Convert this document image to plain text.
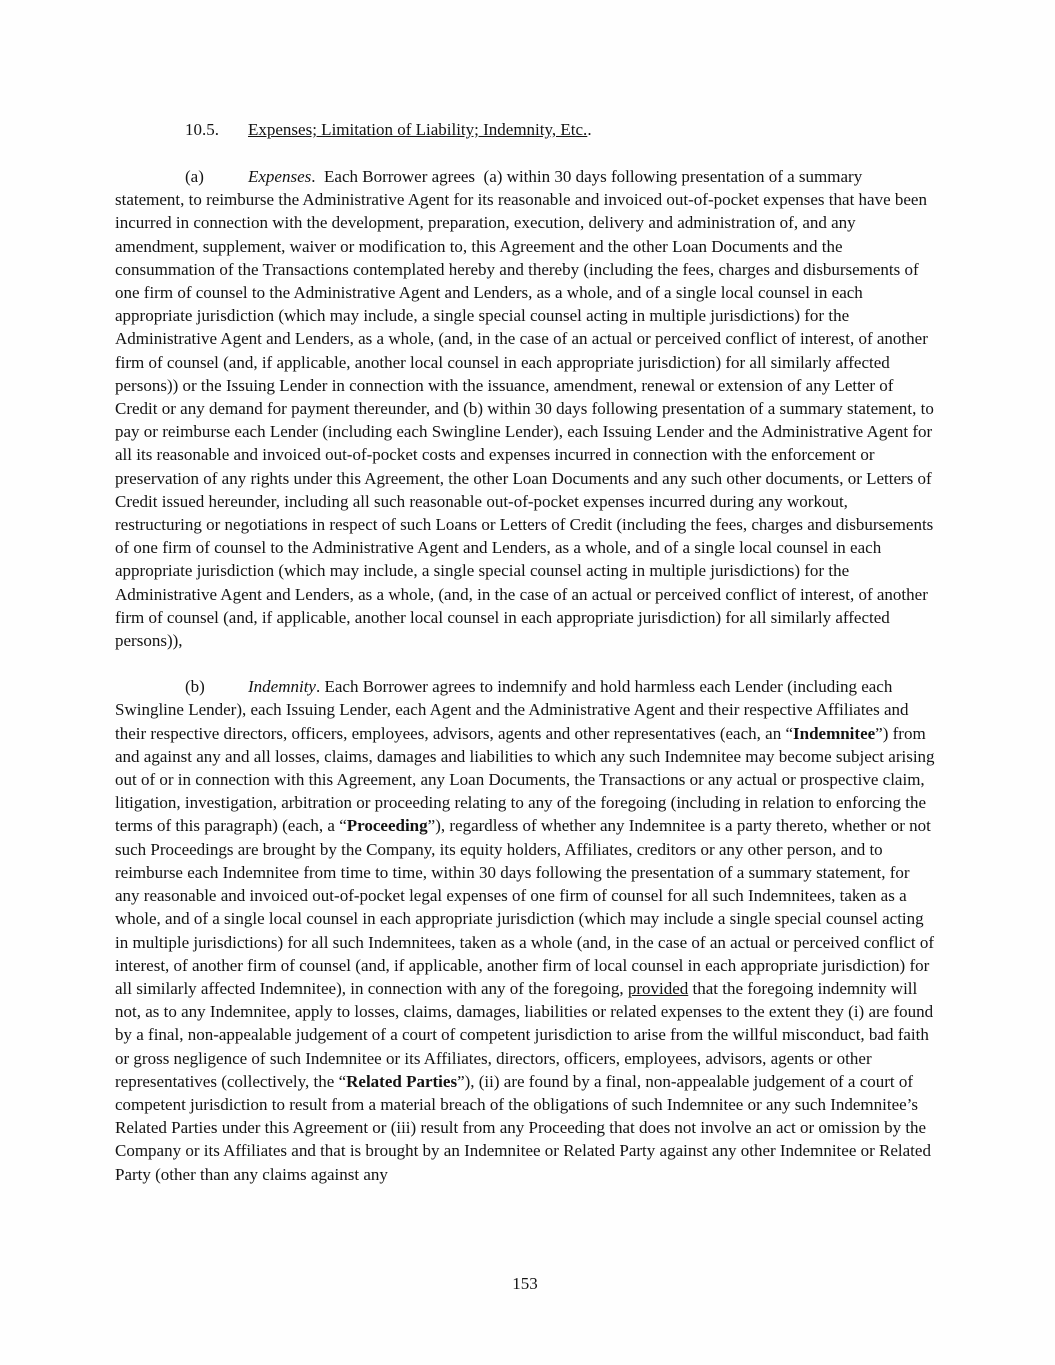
10.5. Expenses; Limitation of Liability; Indemnity, Etc..

(a)	Expenses.  Each Borrower agrees  (a) within 30 days following presentation of a summary statement, to reimburse the Administrative Agent for its reasonable and invoiced out-of-pocket expenses that have been incurred in connection with the development, preparation, execution, delivery and administration of, and any amendment, supplement, waiver or modification to, this Agreement and the other Loan Documents and the consummation of the Transactions contemplated hereby and thereby (including the fees, charges and disbursements of one firm of counsel to the Administrative Agent and Lenders, as a whole, and of a single local counsel in each appropriate jurisdiction (which may include, a single special counsel acting in multiple jurisdictions) for the Administrative Agent and Lenders, as a whole, (and, in the case of an actual or perceived conflict of interest, of another firm of counsel (and, if applicable, another local counsel in each appropriate jurisdiction) for all similarly affected persons)) or the Issuing Lender in connection with the issuance, amendment, renewal or extension of any Letter of Credit or any demand for payment thereunder, and (b) within 30 days following presentation of a summary statement, to pay or reimburse each Lender (including each Swingline Lender), each Issuing Lender and the Administrative Agent for all its reasonable and invoiced out-of-pocket costs and expenses incurred in connection with the enforcement or preservation of any rights under this Agreement, the other Loan Documents and any such other documents, or Letters of Credit issued hereunder, including all such reasonable out-of-pocket expenses incurred during any workout, restructuring or negotiations in respect of such Loans or Letters of Credit (including the fees, charges and disbursements of one firm of counsel to the Administrative Agent and Lenders, as a whole, and of a single local counsel in each appropriate jurisdiction (which may include, a single special counsel acting in multiple jurisdictions) for the Administrative Agent and Lenders, as a whole, (and, in the case of an actual or perceived conflict of interest, of another firm of counsel (and, if applicable, another local counsel in each appropriate jurisdiction) for all similarly affected persons)),

(b)	Indemnity. Each Borrower agrees to indemnify and hold harmless each Lender (including each Swingline Lender), each Issuing Lender, each Agent and the Administrative Agent and their respective Affiliates and their respective directors, officers, employees, advisors, agents and other representatives (each, an “Indemnitee”) from and against any and all losses, claims, damages and liabilities to which any such Indemnitee may become subject arising out of or in connection with this Agreement, any Loan Documents, the Transactions or any actual or prospective claim, litigation, investigation, arbitration or proceeding relating to any of the foregoing (including in relation to enforcing the terms of this paragraph) (each, a “Proceeding”), regardless of whether any Indemnitee is a party thereto, whether or not such Proceedings are brought by the Company, its equity holders, Affiliates, creditors or any other person, and to reimburse each Indemnitee from time to time, within 30 days following the presentation of a summary statement, for any reasonable and invoiced out-of-pocket legal expenses of one firm of counsel for all such Indemnitees, taken as a whole, and of a single local counsel in each appropriate jurisdiction (which may include a single special counsel acting in multiple jurisdictions) for all such Indemnitees, taken as a whole (and, in the case of an actual or perceived conflict of interest, of another firm of counsel (and, if applicable, another firm of local counsel in each appropriate jurisdiction) for all similarly affected Indemnitee), in connection with any of the foregoing, provided that the foregoing indemnity will not, as to any Indemnitee, apply to losses, claims, damages, liabilities or related expenses to the extent they (i) are found by a final, non-appealable judgement of a court of competent jurisdiction to arise from the willful misconduct, bad faith or gross negligence of such Indemnitee or its Affiliates, directors, officers, employees, advisors, agents or other representatives (collectively, the “Related Parties”), (ii) are found by a final, non-appealable judgement of a court of competent jurisdiction to result from a material breach of the obligations of such Indemnitee or any such Indemnitee’s Related Parties under this Agreement or (iii) result from any Proceeding that does not involve an act or omission by the Company or its Affiliates and that is brought by an Indemnitee or Related Party against any other Indemnitee or Related Party (other than any claims against any

153
